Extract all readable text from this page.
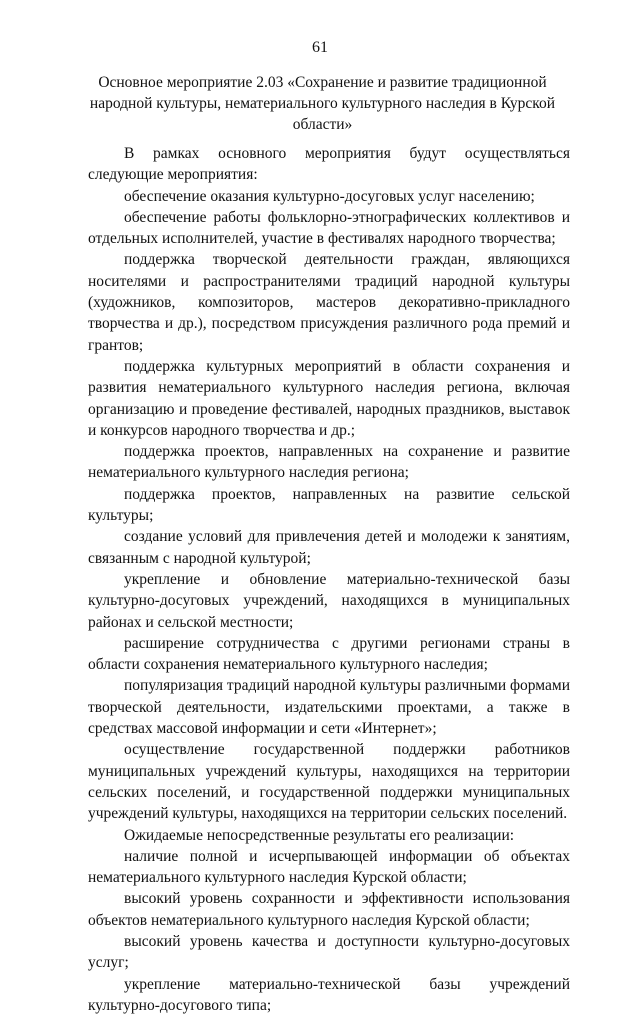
61
Основное мероприятие 2.03 «Сохранение и развитие традиционной народной культуры, нематериального культурного наследия в Курской области»

В рамках основного мероприятия будут осуществляться следующие мероприятия:

обеспечение оказания культурно-досуговых услуг населению;

обеспечение работы фольклорно-этнографических коллективов и отдельных исполнителей, участие в фестивалях народного творчества;

поддержка творческой деятельности граждан, являющихся носителями и распространителями традиций народной культуры (художников, композиторов, мастеров декоративно-прикладного творчества и др.), посредством присуждения различного рода премий и грантов;

поддержка культурных мероприятий в области сохранения и развития нематериального культурного наследия региона, включая организацию и проведение фестивалей, народных праздников, выставок и конкурсов народного творчества и др.;

поддержка проектов, направленных на сохранение и развитие нематериального культурного наследия региона;

поддержка проектов, направленных на развитие сельской культуры;

создание условий для привлечения детей и молодежи к занятиям, связанным с народной культурой;

укрепление и обновление материально-технической базы культурно-досуговых учреждений, находящихся в муниципальных районах и сельской местности;

расширение сотрудничества с другими регионами страны в области сохранения нематериального культурного наследия;

популяризация традиций народной культуры различными формами творческой деятельности, издательскими проектами, а также в средствах массовой информации и сети «Интернет»;

осуществление государственной поддержки работников муниципальных учреждений культуры, находящихся на территории сельских поселений, и государственной поддержки муниципальных учреждений культуры, находящихся на территории сельских поселений.

Ожидаемые непосредственные результаты его реализации:

наличие полной и исчерпывающей информации об объектах нематериального культурного наследия Курской области;

высокий уровень сохранности и эффективности использования объектов нематериального культурного наследия Курской области;

высокий уровень качества и доступности культурно-досуговых услуг;

укрепление материально-технической базы учреждений культурно-досугового типа;
